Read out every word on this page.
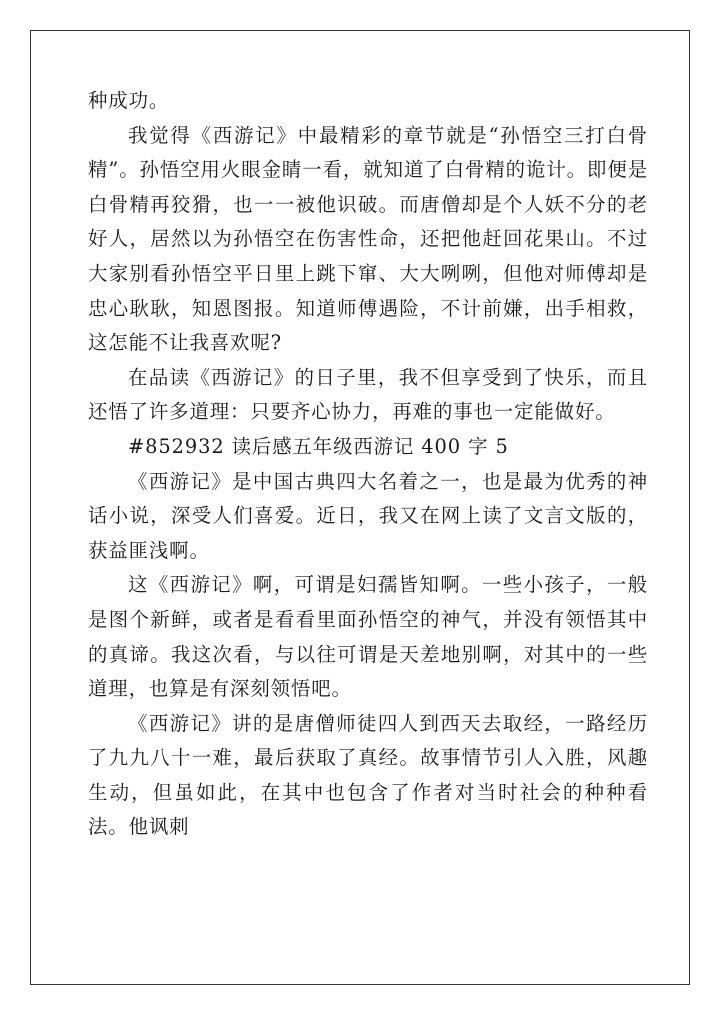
种成功。

我觉得《西游记》中最精彩的章节就是“孙悟空三打白骨精”。孙悟空用火眼金睛一看，就知道了白骨精的诡计。即便是白骨精再狡猾，也一一被他识破。而唐僧却是个人妖不分的老好人，居然以为孙悟空在伤害性命，还把他赶回花果山。不过大家别看孙悟空平日里上跳下窜、大大咧咧，但他对师傅却是忠心耿耿，知恩图报。知道师傅遇险，不计前嫌，出手相救，这怎能不让我喜欢呢?

在品读《西游记》的日子里，我不但享受到了快乐，而且还悟了许多道理：只要齐心协力，再难的事也一定能做好。

#852932 读后感五年级西游记 400 字 5

《西游记》是中国古典四大名着之一，也是最为优秀的神话小说，深受人们喜爱。近日，我又在网上读了文言文版的，获益匪浅啊。

这《西游记》啊，可谓是妇孺皆知啊。一些小孩子，一般是图个新鲜，或者是看看里面孙悟空的神气，并没有领悟其中的真谛。我这次看，与以往可谓是天差地别啊，对其中的一些道理，也算是有深刻领悟吧。

《西游记》讲的是唐僧师徒四人到西天去取经，一路经历了九九八十一难，最后获取了真经。故事情节引人入胜，风趣生动，但虽如此，在其中也包含了作者对当时社会的种种看法。他讽刺
